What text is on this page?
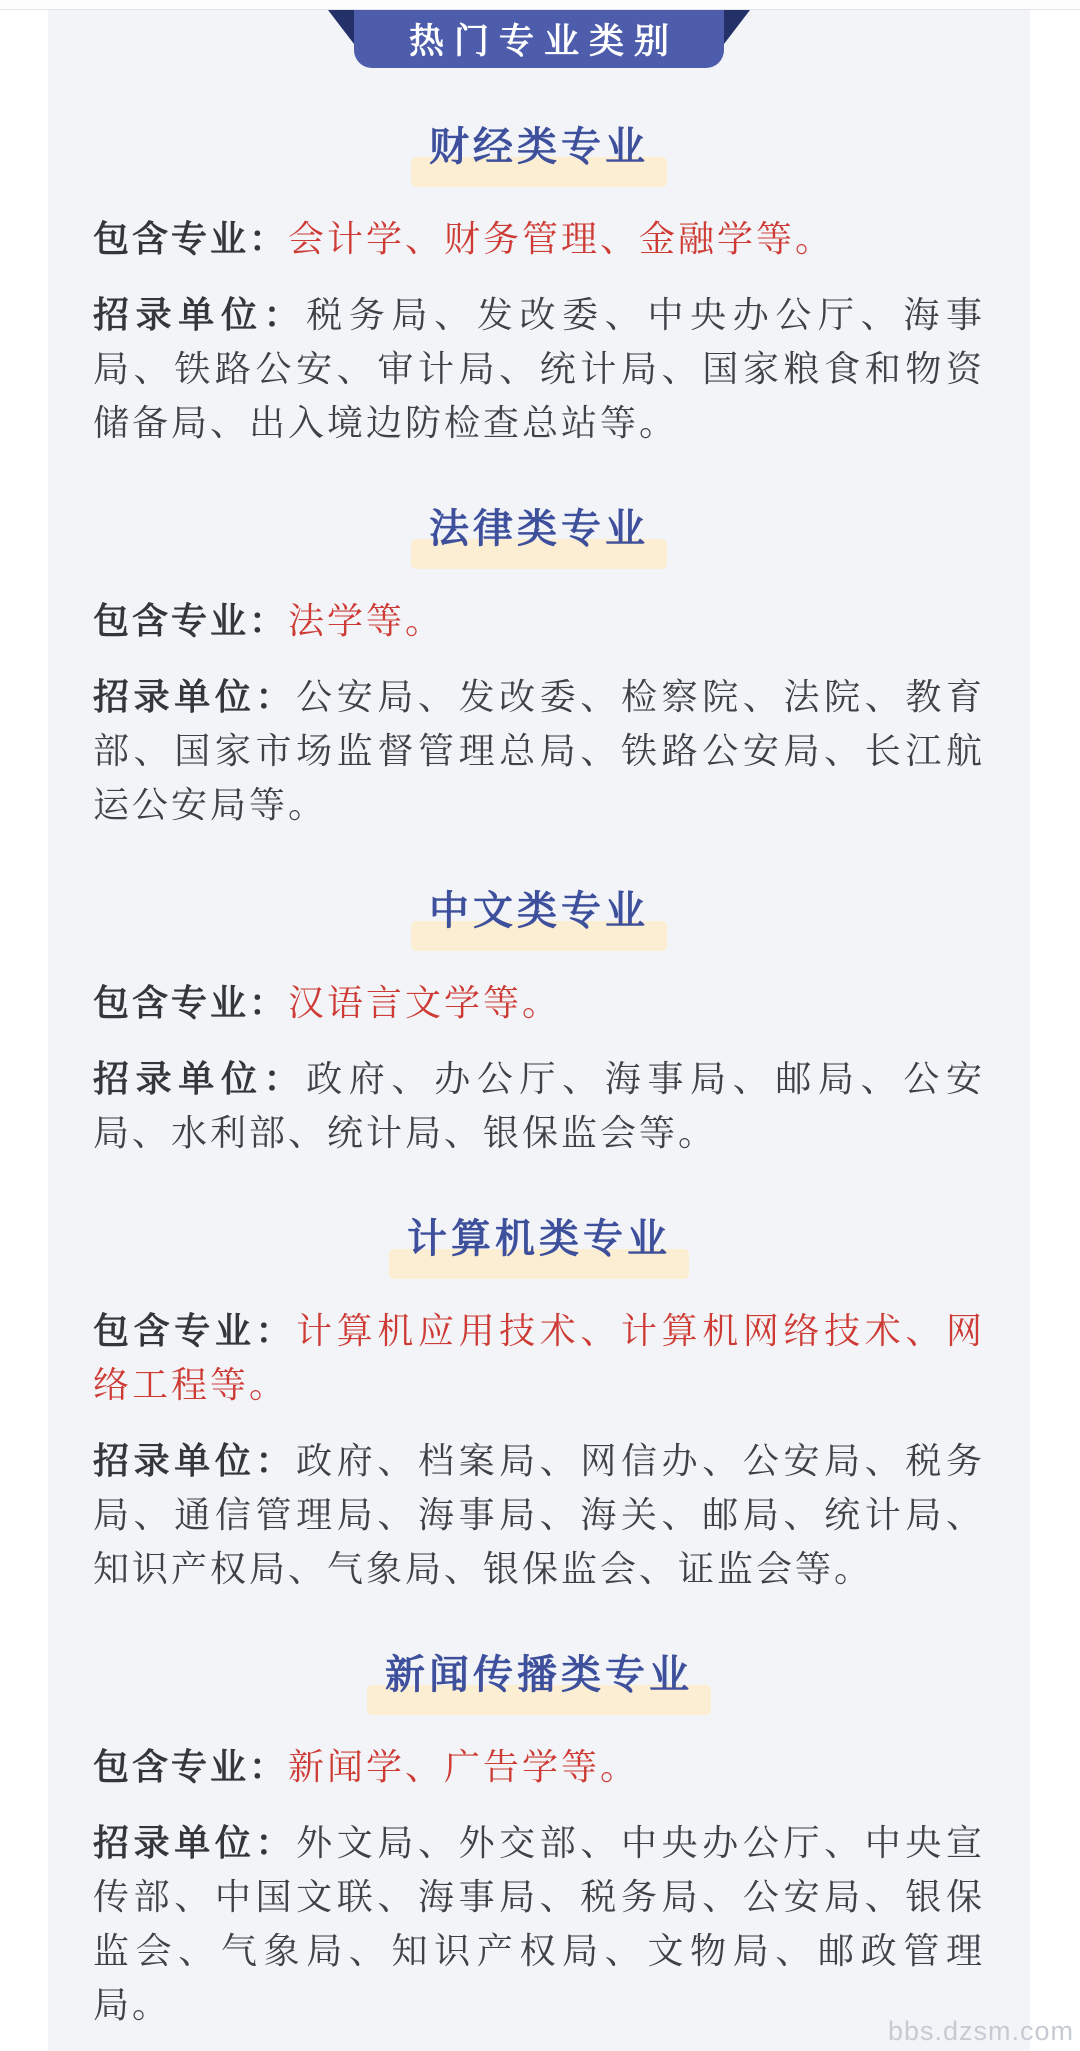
热门专业类别
财经类专业

包含专业：会计学、财务管理、金融学等。

招录单位：税务局、发改委、中央办公厅、海事局、铁路公安、审计局、统计局、国家粮食和物资储备局、出入境边防检查总站等。

法律类专业

包含专业：法学等。

招录单位：公安局、发改委、检察院、法院、教育部、国家市场监督管理总局、铁路公安局、长江航运公安局等。

中文类专业

包含专业：汉语言文学等。

招录单位：政府、办公厅、海事局、邮局、公安局、水利部、统计局、银保监会等。

计算机类专业

包含专业：计算机应用技术、计算机网络技术、网络工程等。

招录单位：政府、档案局、网信办、公安局、税务局、通信管理局、海事局、海关、邮局、统计局、知识产权局、气象局、银保监会、证监会等。

新闻传播类专业

包含专业：新闻学、广告学等。

招录单位：外文局、外交部、中央办公厅、中央宣传部、中国文联、海事局、税务局、公安局、银保监会、气象局、知识产权局、文物局、邮政管理局。

bbs.dzsm.com
